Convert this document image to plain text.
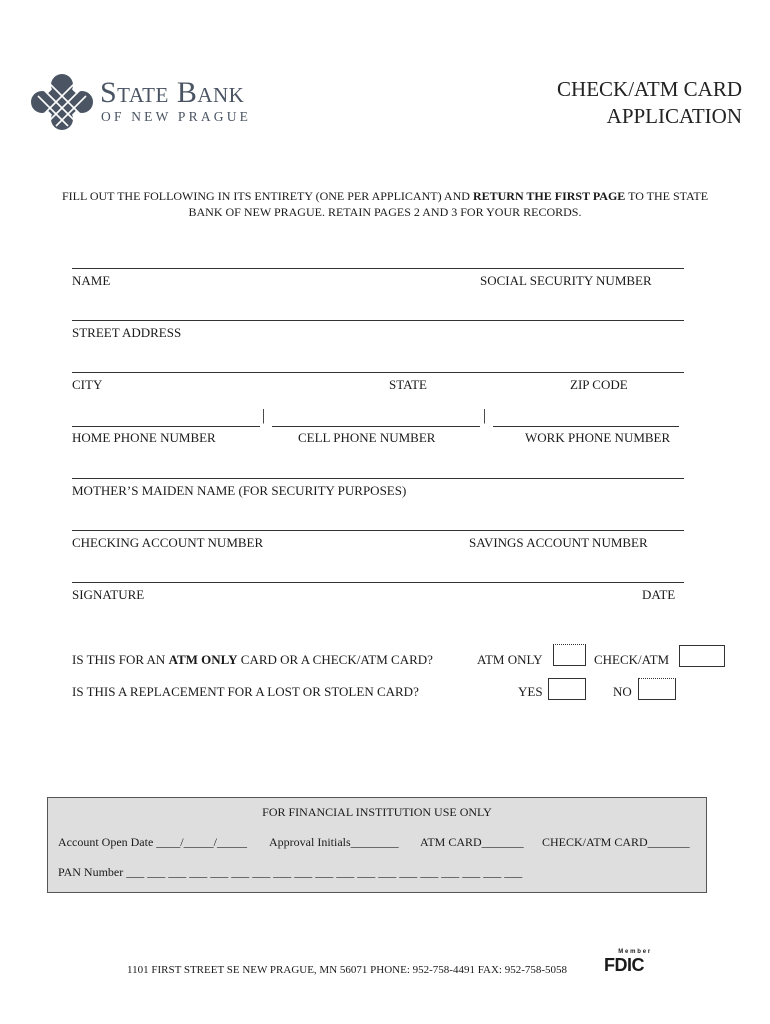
State Bank
OF NEW PRAGUE
CHECK/ATM CARD
APPLICATION
FILL OUT THE FOLLOWING IN ITS ENTIRETY (ONE PER APPLICANT) AND RETURN THE FIRST PAGE TO THE STATE BANK OF NEW PRAGUE. RETAIN PAGES 2 AND 3 FOR YOUR RECORDS.
NAME	SOCIAL SECURITY NUMBER
STREET ADDRESS
CITY	STATE	ZIP CODE
|	|
HOME PHONE NUMBER	CELL PHONE NUMBER	WORK PHONE NUMBER
MOTHER’S MAIDEN NAME (FOR SECURITY PURPOSES)
CHECKING ACCOUNT NUMBER	SAVINGS ACCOUNT NUMBER
SIGNATURE	DATE
IS THIS FOR AN ATM ONLY CARD OR A CHECK/ATM CARD?	ATM ONLY	CHECK/ATM
IS THIS A REPLACEMENT FOR A LOST OR STOLEN CARD?	YES	NO
FOR FINANCIAL INSTITUTION USE ONLY
Account Open Date ____/_____/_____ Approval Initials________ ATM CARD_______ CHECK/ATM CARD_______
PAN Number ___ ___ ___ ___ ___ ___ ___ ___ ___ ___ ___ ___ ___ ___ ___ ___ ___ ___ ___
1101 FIRST STREET SE NEW PRAGUE, MN 56071 PHONE: 952-758-4491 FAX: 952-758-5058
Member
FDIC
